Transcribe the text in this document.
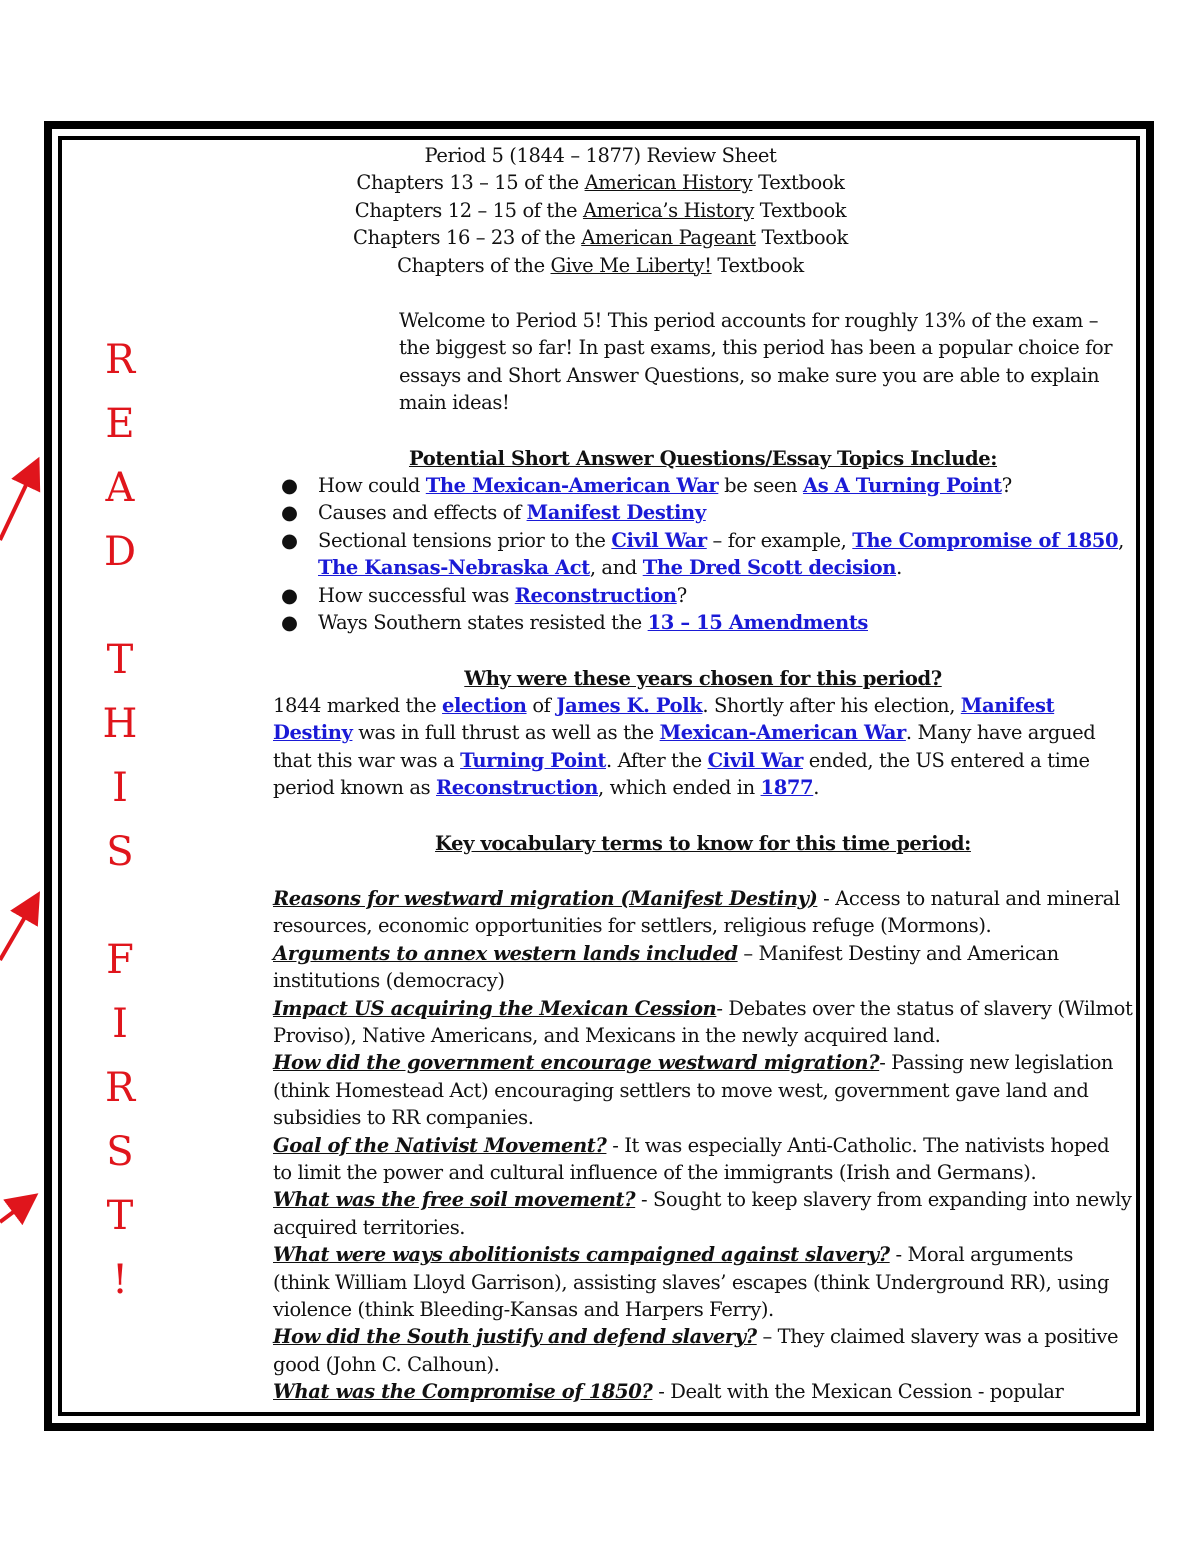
R
E
A
D
T
H
I
S
F
I
R
S
T
!
Period 5 (1844 – 1877) Review Sheet
Chapters 13 – 15 of the American History Textbook
Chapters 12 – 15 of the America’s History Textbook
Chapters 16 – 23 of the American Pageant Textbook
Chapters of the Give Me Liberty! Textbook
Welcome to Period 5! This period accounts for roughly 13% of the exam – the biggest so far! In past exams, this period has been a popular choice for essays and Short Answer Questions, so make sure you are able to explain main ideas!
Potential Short Answer Questions/Essay Topics Include:
● How could The Mexican-American War be seen As A Turning Point?
● Causes and effects of Manifest Destiny
● Sectional tensions prior to the Civil War – for example, The Compromise of 1850, The Kansas-Nebraska Act, and The Dred Scott decision.
● How successful was Reconstruction?
● Ways Southern states resisted the 13 – 15 Amendments
Why were these years chosen for this period?
1844 marked the election of James K. Polk. Shortly after his election, Manifest Destiny was in full thrust as well as the Mexican-American War. Many have argued that this war was a Turning Point. After the Civil War ended, the US entered a time period known as Reconstruction, which ended in 1877.
Key vocabulary terms to know for this time period:

Reasons for westward migration (Manifest Destiny) - Access to natural and mineral resources, economic opportunities for settlers, religious refuge (Mormons).

Arguments to annex western lands included – Manifest Destiny and American institutions (democracy)

Impact US acquiring the Mexican Cession- Debates over the status of slavery (Wilmot Proviso), Native Americans, and Mexicans in the newly acquired land.

How did the government encourage westward migration?- Passing new legislation (think Homestead Act) encouraging settlers to move west, government gave land and subsidies to RR companies.

Goal of the Nativist Movement? - It was especially Anti-Catholic. The nativists hoped to limit the power and cultural influence of the immigrants (Irish and Germans).

What was the free soil movement? - Sought to keep slavery from expanding into newly acquired territories.

What were ways abolitionists campaigned against slavery? - Moral arguments (think William Lloyd Garrison), assisting slaves’ escapes (think Underground RR), using violence (think Bleeding-Kansas and Harpers Ferry).

How did the South justify and defend slavery? – They claimed slavery was a positive good (John C. Calhoun).

What was the Compromise of 1850? - Dealt with the Mexican Cession - popular
